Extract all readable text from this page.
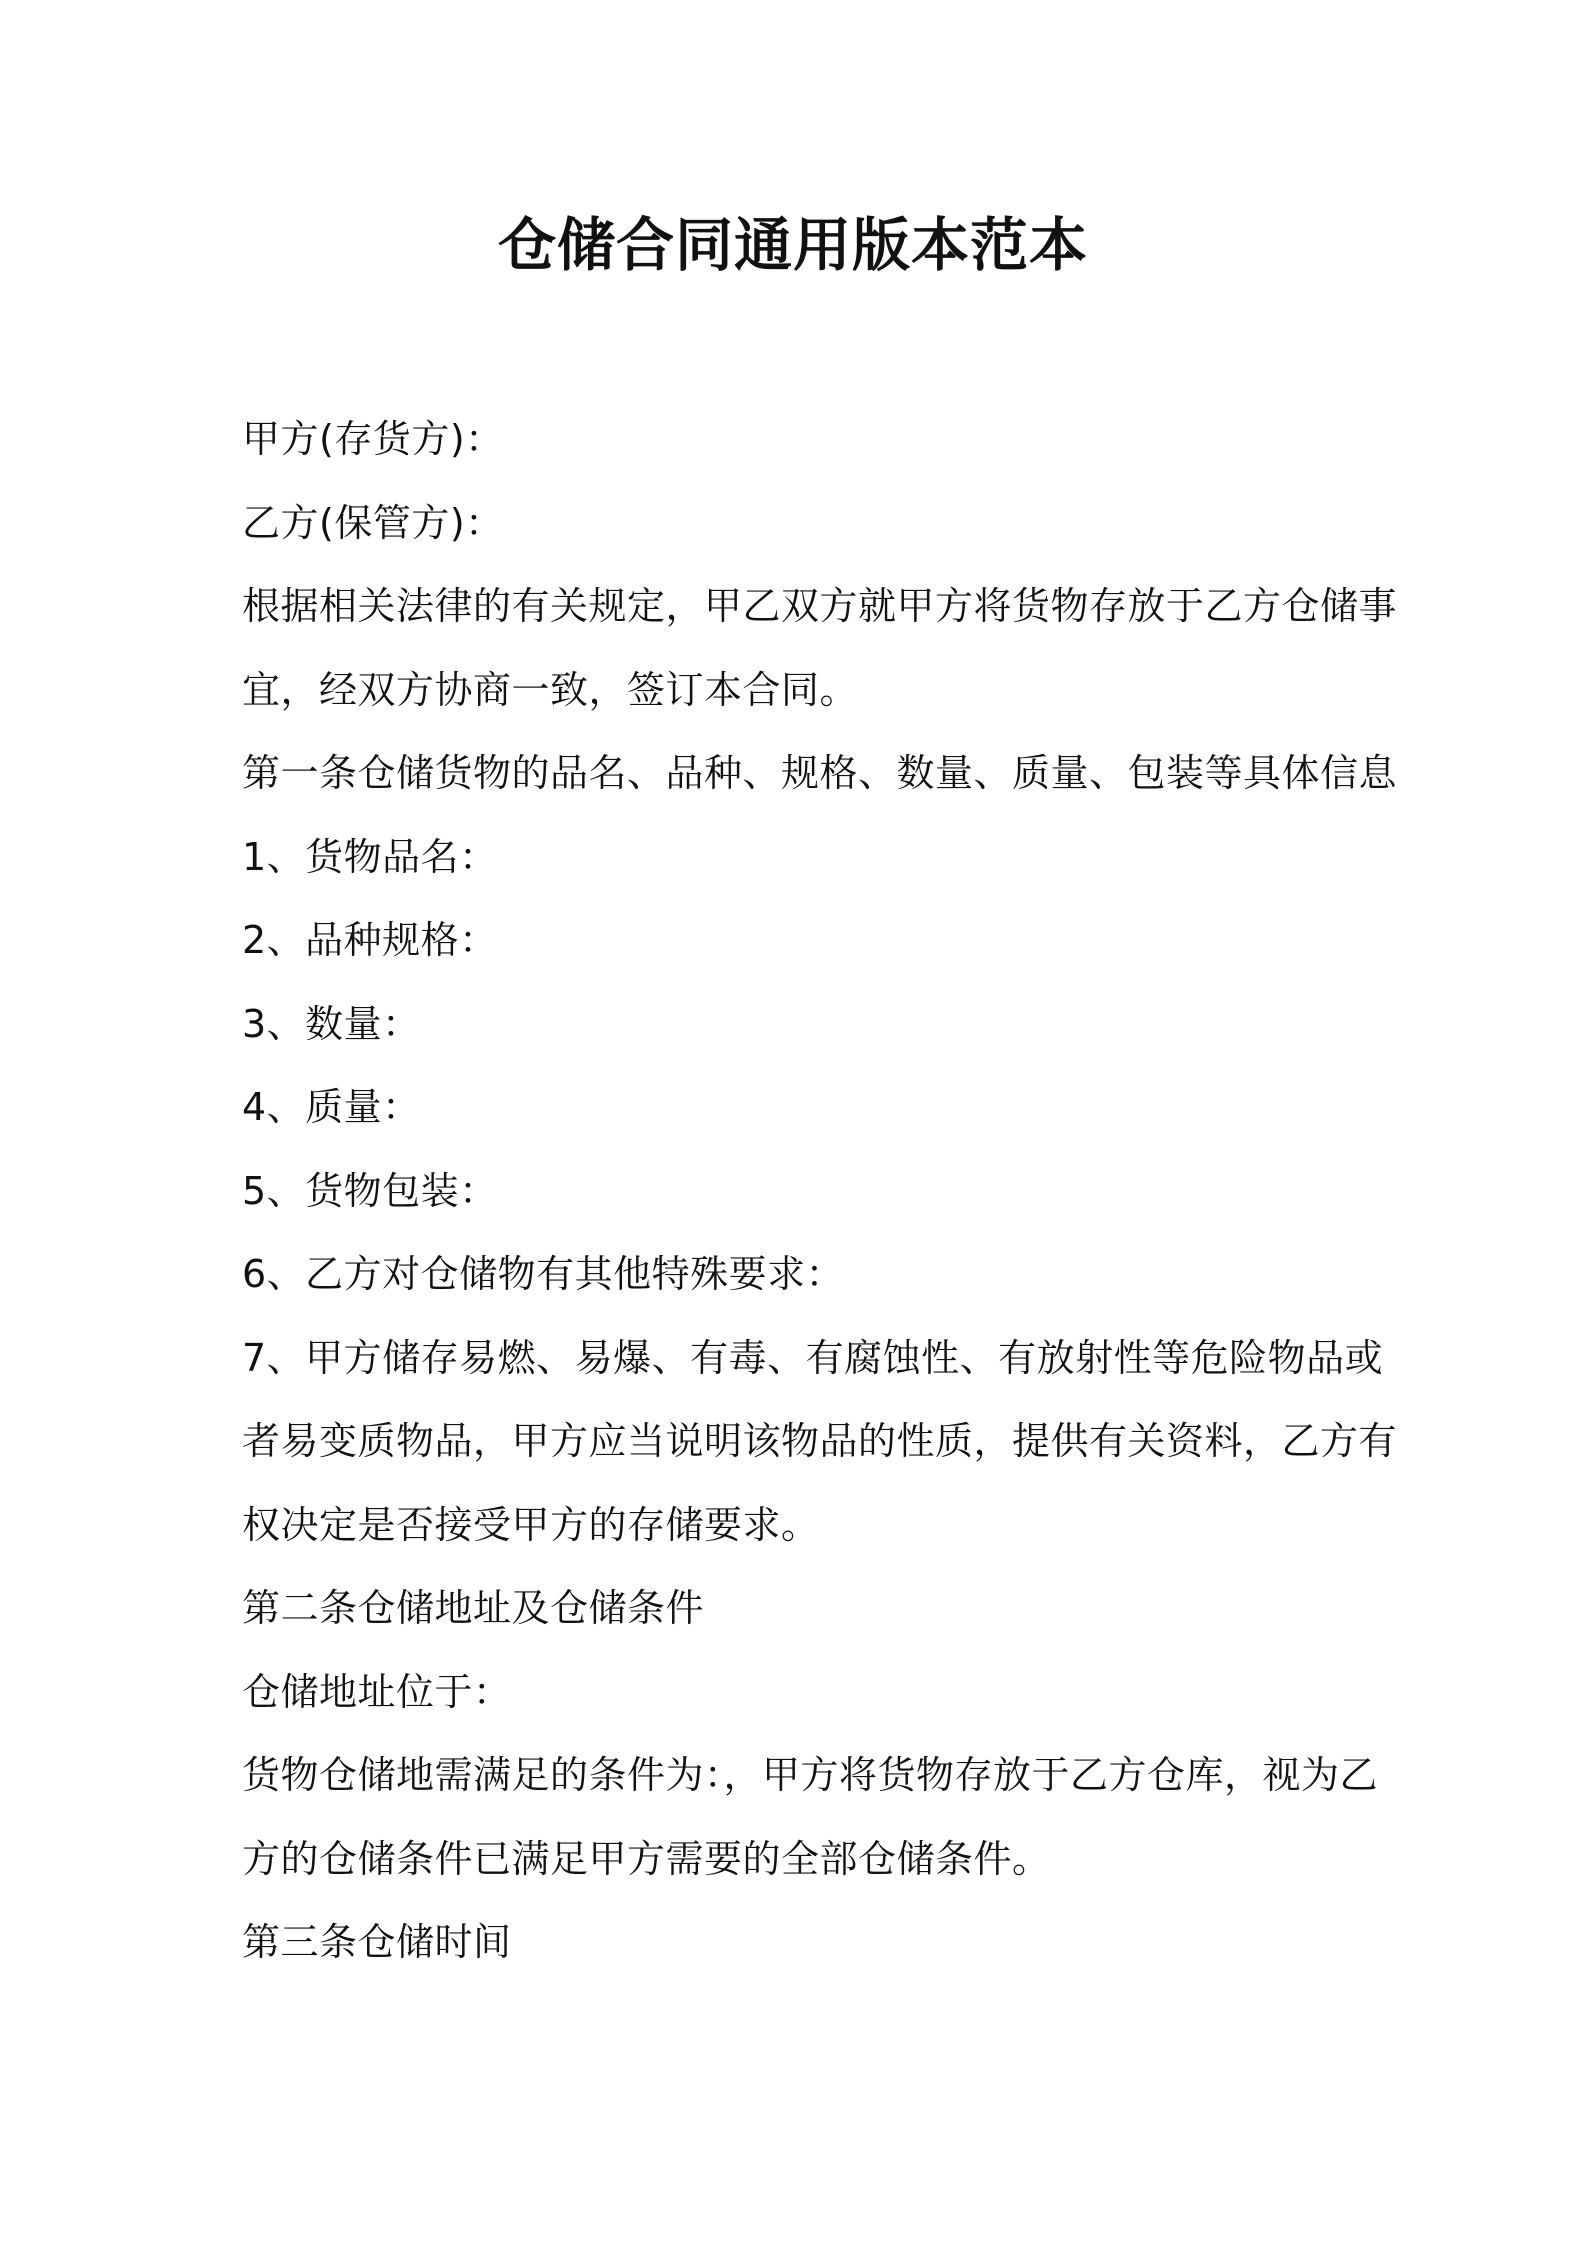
仓储合同通用版本范本

甲方(存货方)：

乙方(保管方)：

根据相关法律的有关规定，甲乙双方就甲方将货物存放于乙方仓储事

宜，经双方协商一致，签订本合同。

第一条仓储货物的品名、品种、规格、数量、质量、包装等具体信息

1、货物品名：

2、品种规格：

3、数量：

4、质量：

5、货物包装：

6、乙方对仓储物有其他特殊要求：

7、甲方储存易燃、易爆、有毒、有腐蚀性、有放射性等危险物品或

者易变质物品，甲方应当说明该物品的性质，提供有关资料，乙方有

权决定是否接受甲方的存储要求。

第二条仓储地址及仓储条件

仓储地址位于：

货物仓储地需满足的条件为：，甲方将货物存放于乙方仓库，视为乙

方的仓储条件已满足甲方需要的全部仓储条件。

第三条仓储时间
